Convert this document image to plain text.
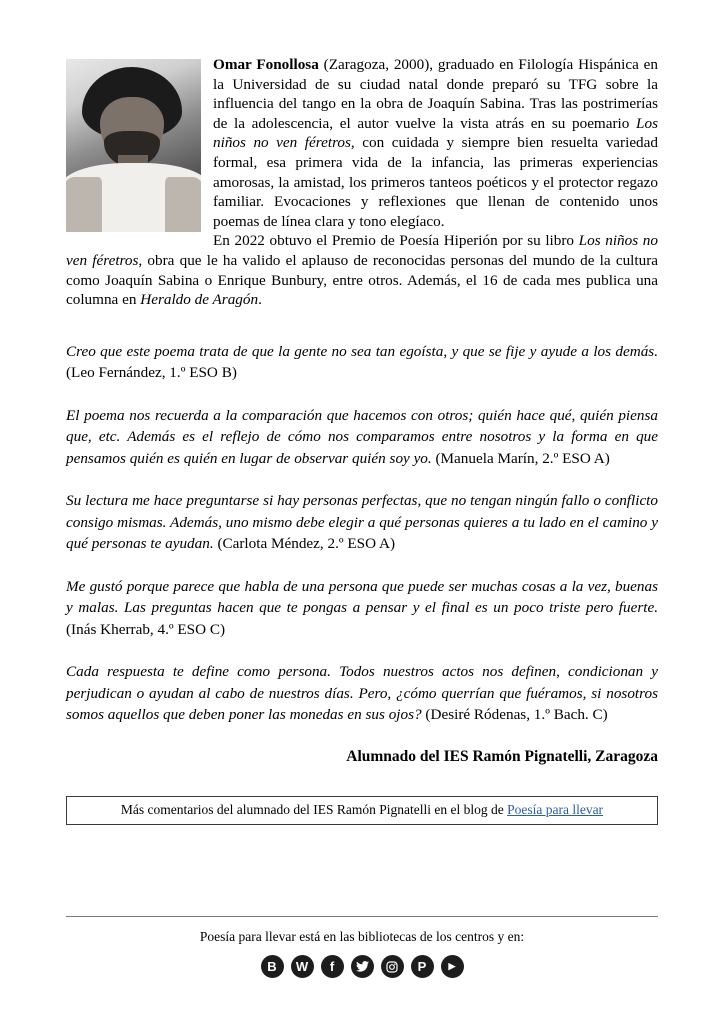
Omar Fonollosa (Zaragoza, 2000), graduado en Filología Hispánica en la Universidad de su ciudad natal donde preparó su TFG sobre la influencia del tango en la obra de Joaquín Sabina. Tras las postrimerías de la adolescencia, el autor vuelve la vista atrás en su poemario Los niños no ven féretros, con cuidada y siempre bien resuelta variedad formal, esa primera vida de la infancia, las primeras experiencias amorosas, la amistad, los primeros tanteos poéticos y el protector regazo familiar. Evocaciones y reflexiones que llenan de contenido unos poemas de línea clara y tono elegíaco.

En 2022 obtuvo el Premio de Poesía Hiperión por su libro Los niños no ven féretros, obra que le ha valido el aplauso de reconocidas personas del mundo de la cultura como Joaquín Sabina o Enrique Bunbury, entre otros. Además, el 16 de cada mes publica una columna en Heraldo de Aragón.

Creo que este poema trata de que la gente no sea tan egoísta, y que se fije y ayude a los demás. (Leo Fernández, 1.º ESO B)

El poema nos recuerda a la comparación que hacemos con otros; quién hace qué, quién piensa que, etc. Además es el reflejo de cómo nos comparamos entre nosotros y la forma en que pensamos quién es quién en lugar de observar quién soy yo. (Manuela Marín, 2.º ESO A)

Su lectura me hace preguntarse si hay personas perfectas, que no tengan ningún fallo o conflicto consigo mismas. Además, uno mismo debe elegir a qué personas quieres a tu lado en el camino y qué personas te ayudan. (Carlota Méndez, 2.º ESO A)

Me gustó porque parece que habla de una persona que puede ser muchas cosas a la vez, buenas y malas. Las preguntas hacen que te pongas a pensar y el final es un poco triste pero fuerte. (Inás Kherrab, 4.º ESO C)

Cada respuesta te define como persona. Todos nuestros actos nos definen, condicionan y perjudican o ayudan al cabo de nuestros días. Pero, ¿cómo querrían que fuéramos, si nosotros somos aquellos que deben poner las monedas en sus ojos? (Desiré Ródenas, 1.º Bach. C)

Alumnado del IES Ramón Pignatelli, Zaragoza

Más comentarios del alumnado del IES Ramón Pignatelli en el blog de Poesía para llevar
Poesía para llevar está en las bibliotecas de los centros y en:
B W f	P ▶
